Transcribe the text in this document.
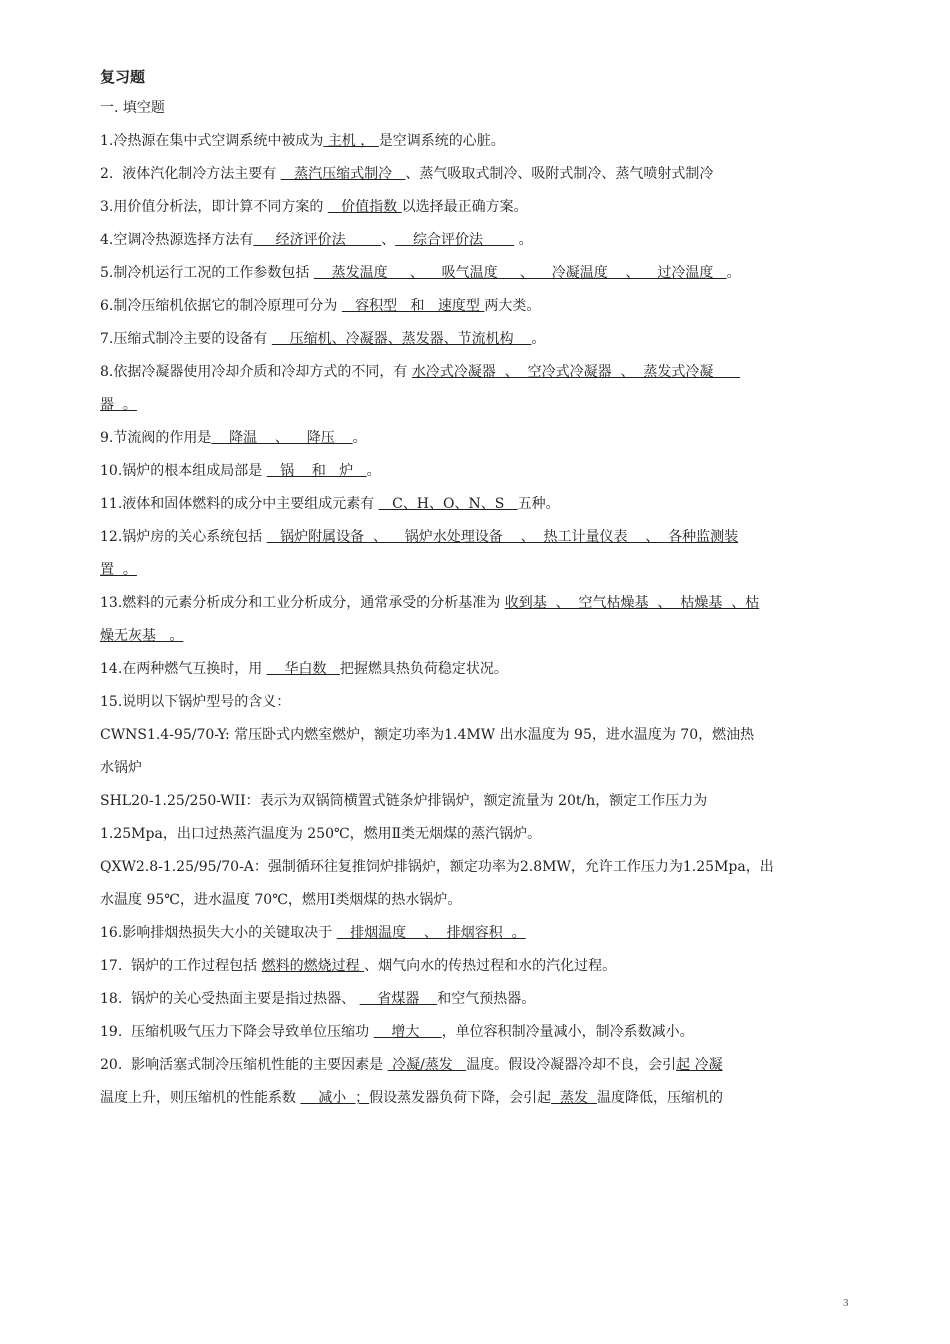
复习题
一. 填空题
1.冷热源在集中式空调系统中被成为 主机 ， 是空调系统的心脏。
2.  液体汽化制冷方法主要有    蒸汽压缩式制冷   、蒸气吸取式制冷、吸附式制冷、蒸气喷射式制冷
3.用价值分析法，即计算不同方案的    价值指数 以选择最正确方案。
4.空调冷热源选择方法有     经济评价法        、    综合评价法        。
5.制冷机运行工况的工作参数包括     蒸发温度     、    吸气温度     、    冷凝温度    、    过冷温度   。
6.制冷压缩机依据它的制冷原理可分为    容积型   和   速度型 两大类。
7.压缩式制冷主要的设备有     压缩机、冷凝器、蒸发器、节流机构    。
8.依据冷凝器使用冷却介质和冷却方式的不同，有 水冷式冷凝器  、  空冷式冷凝器  、  蒸发式冷凝
器  。
9.节流阀的作用是    降温    、    降压    。
10.锅炉的根本组成局部是    锅    和   炉   。
11.液体和固体燃料的成分中主要组成元素有    C、H、O、N、S   五种。
12.锅炉房的关心系统包括    锅炉附属设备  、    锅炉水处理设备    、  热工计量仪表    、  各种监测装
置  。
13.燃料的元素分析成分和工业分析成分，通常承受的分析基准为 收到基  、  空气枯燥基  、  枯燥基  、枯
燥无灰基   。
14.在两种燃气互换时，用     华白数   把握燃具热负荷稳定状况。
15.说明以下锅炉型号的含义：
CWNS1.4-95/70-Y: 常压卧式内燃室燃炉，额定功率为1.4MW 出水温度为 95，进水温度为 70，燃油热
水锅炉
SHL20-1.25/250-WII：表示为双锅筒横置式链条炉排锅炉，额定流量为 20t/h，额定工作压力为
1.25Mpa，出口过热蒸汽温度为 250℃，燃用Ⅱ类无烟煤的蒸汽锅炉。
QXW2.8-1.25/95/70-A：强制循环往复推饲炉排锅炉，额定功率为2.8MW，允许工作压力为1.25Mpa，出
水温度 95℃，进水温度 70℃，燃用Ⅰ类烟煤的热水锅炉。
16.影响排烟热损失大小的关键取决于    排烟温度    、  排烟容积  。
17.  锅炉的工作过程包括 燃料的燃烧过程 、烟气向水的传热过程和水的汽化过程。
18.  锅炉的关心受热面主要是指过热器、     省煤器    和空气预热器。
19.  压缩机吸气压力下降会导致单位压缩功     增大     ，单位容积制冷量减小，制冷系数减小。
20.  影响活塞式制冷压缩机性能的主要因素是  冷凝/蒸发   温度。假设冷凝器冷却不良，会引起 冷凝
温度上升，则压缩机的性能系数     减小  ；假设蒸发器负荷下降，会引起  蒸发  温度降低，压缩机的
3
